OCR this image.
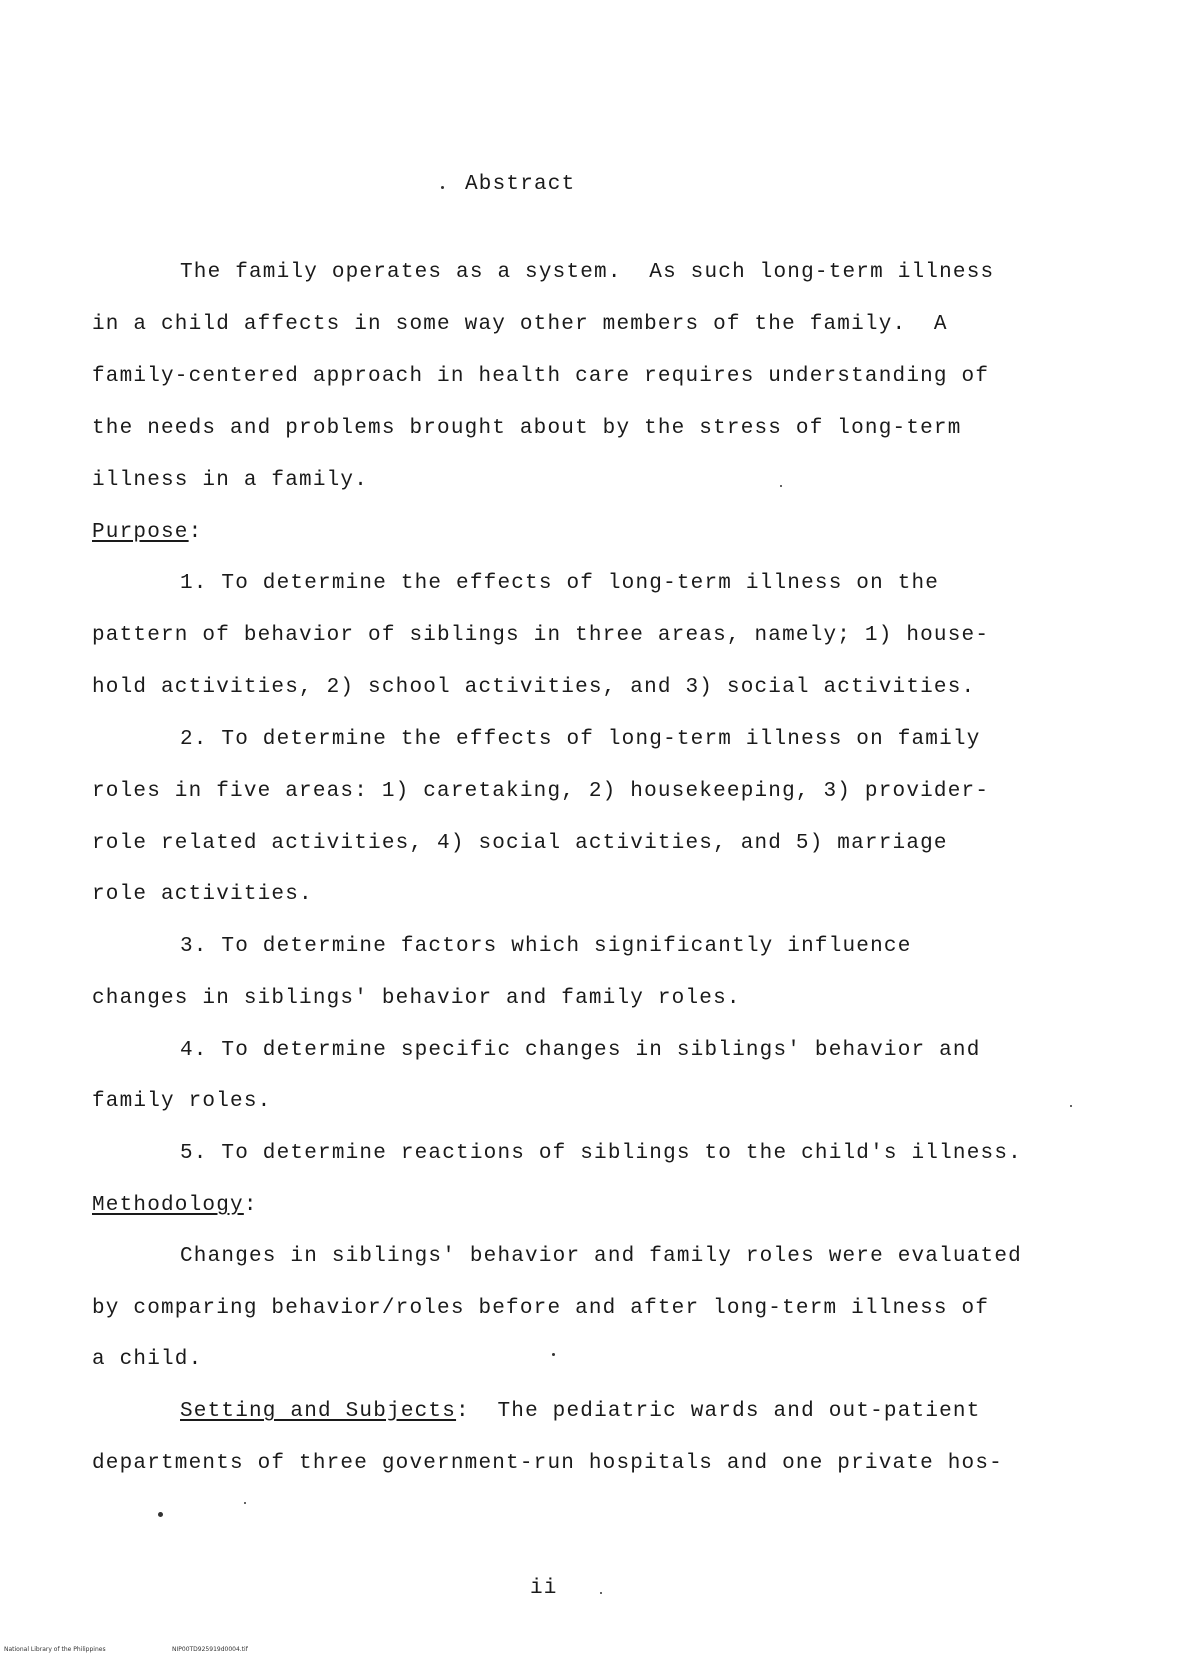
Abstract
The family operates as a system.  As such long-term illness
in a child affects in some way other members of the family.  A
family-centered approach in health care requires understanding of
the needs and problems brought about by the stress of long-term
illness in a family.
Purpose:
1. To determine the effects of long-term illness on the
pattern of behavior of siblings in three areas, namely; 1) house-
hold activities, 2) school activities, and 3) social activities.
2. To determine the effects of long-term illness on family
roles in five areas: 1) caretaking, 2) housekeeping, 3) provider-
role related activities, 4) social activities, and 5) marriage
role activities.
3. To determine factors which significantly influence
changes in siblings' behavior and family roles.
4. To determine specific changes in siblings' behavior and
family roles.
5. To determine reactions of siblings to the child's illness.
Methodology:
Changes in siblings' behavior and family roles were evaluated
by comparing behavior/roles before and after long-term illness of
a child.
Setting and Subjects: The pediatric wards and out-patient
departments of three government-run hospitals and one private hos-
ii
National Library of the Philippines	NIP00TD925919d0004.tif
